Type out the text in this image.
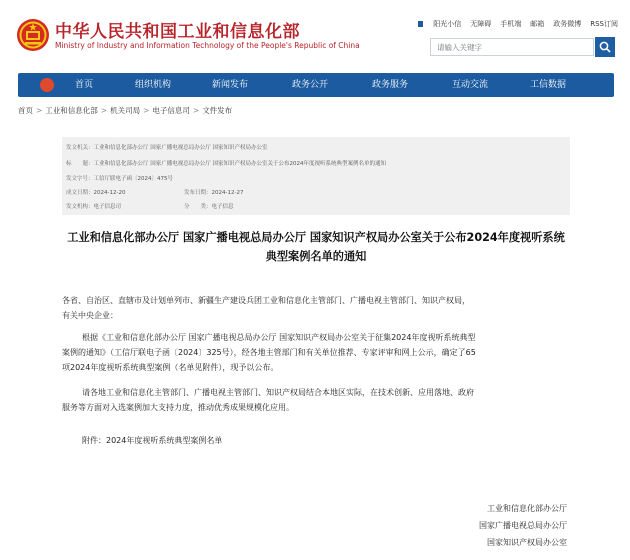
中华人民共和国工业和信息化部
Ministry of Industry and Information Technology of the People's Republic of China
阳光小信 无障碍 手机端 邮箱 政务微博 RSS订阅
请输入关键字
首页	组织机构	新闻发布	政务公开	政务服务	互动交流	工信数据
首页 > 工业和信息化部 > 机关司局 > 电子信息司 > 文件发布
发文机关：工业和信息化部办公厅 国家广播电视总局办公厅 国家知识产权局办公室
标　　题：工业和信息化部办公厅 国家广播电视总局办公厅 国家知识产权局办公室关于公布2024年度视听系统典型案例名单的通知
发文字号：工信厅联电子函〔2024〕475号
成文日期：2024-12-20	发布日期：2024-12-27
发文机构：电子信息司	分　　类：电子信息
工业和信息化部办公厅 国家广播电视总局办公厅 国家知识产权局办公室关于公布2024年度视听系统
典型案例名单的通知
各省、自治区、直辖市及计划单列市、新疆生产建设兵团工业和信息化主管部门、广播电视主管部门、知识产权局，
有关中央企业：
根据《工业和信息化部办公厅 国家广播电视总局办公厅 国家知识产权局办公室关于征集2024年度视听系统典型
案例的通知》（工信厅联电子函〔2024〕325号），经各地主管部门和有关单位推荐、专家评审和网上公示，确定了65
项2024年度视听系统典型案例（名单见附件），现予以公布。
请各地工业和信息化主管部门、广播电视主管部门、知识产权局结合本地区实际，在技术创新、应用落地、政府
服务等方面对入选案例加大支持力度，推动优秀成果规模化应用。
附件：2024年度视听系统典型案例名单
工业和信息化部办公厅
国家广播电视总局办公厅
国家知识产权局办公室
